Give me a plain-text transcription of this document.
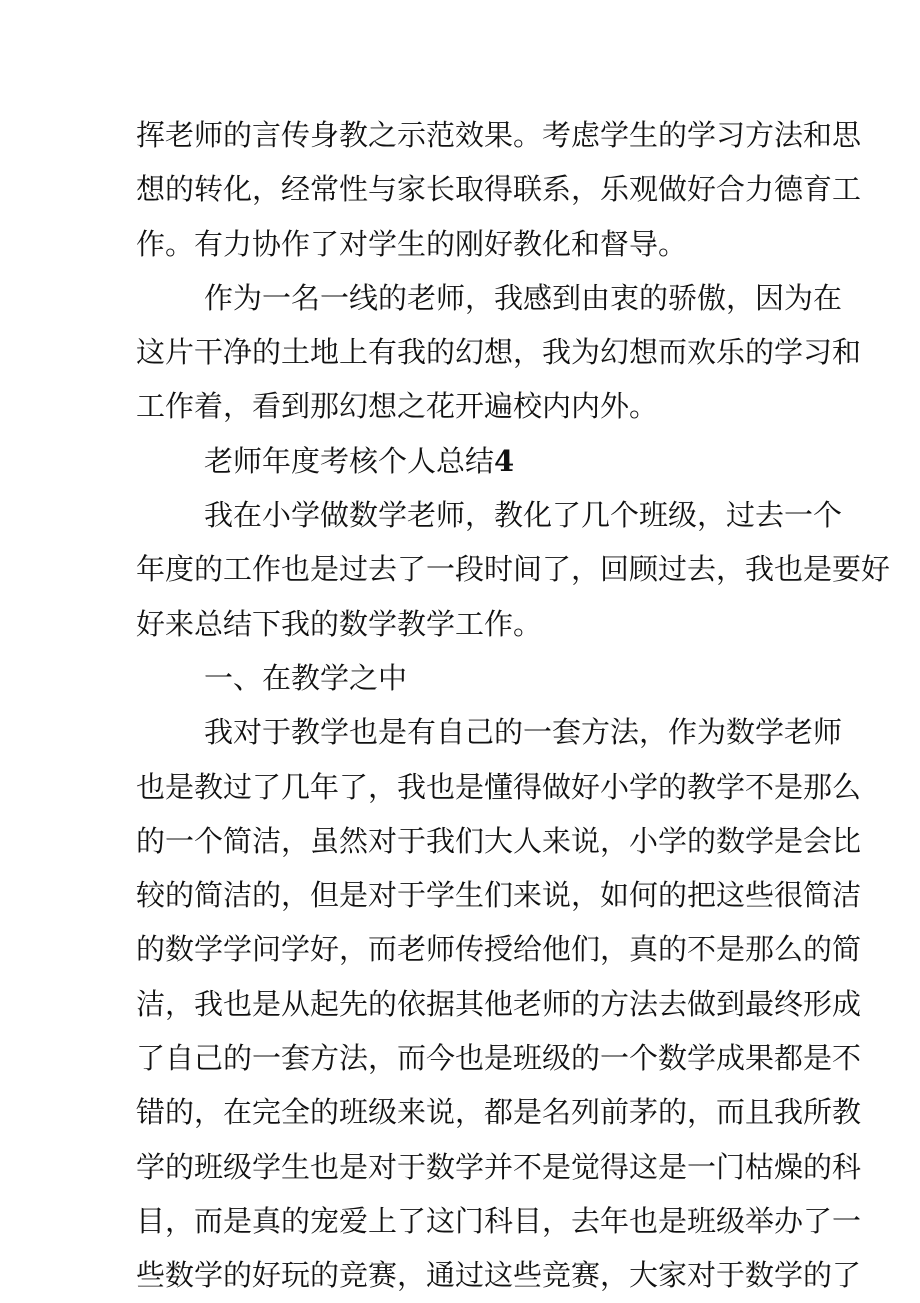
挥老师的言传身教之示范效果。考虑学生的学习方法和思
想的转化，经常性与家长取得联系，乐观做好合力德育工
作。有力协作了对学生的刚好教化和督导。
作为一名一线的老师，我感到由衷的骄傲，因为在
这片干净的土地上有我的幻想，我为幻想而欢乐的学习和
工作着，看到那幻想之花开遍校内内外。
老师年度考核个人总结4
我在小学做数学老师，教化了几个班级，过去一个
年度的工作也是过去了一段时间了，回顾过去，我也是要好
好来总结下我的数学教学工作。
一、在教学之中
我对于教学也是有自己的一套方法，作为数学老师
也是教过了几年了，我也是懂得做好小学的教学不是那么
的一个简洁，虽然对于我们大人来说，小学的数学是会比
较的简洁的，但是对于学生们来说，如何的把这些很简洁
的数学学问学好，而老师传授给他们，真的不是那么的简
洁，我也是从起先的依据其他老师的方法去做到最终形成
了自己的一套方法，而今也是班级的一个数学成果都是不
错的，在完全的班级来说，都是名列前茅的，而且我所教
学的班级学生也是对于数学并不是觉得这是一门枯燥的科
目，而是真的宠爱上了这门科目，去年也是班级举办了一
些数学的好玩的竞赛，通过这些竞赛，大家对于数学的了
